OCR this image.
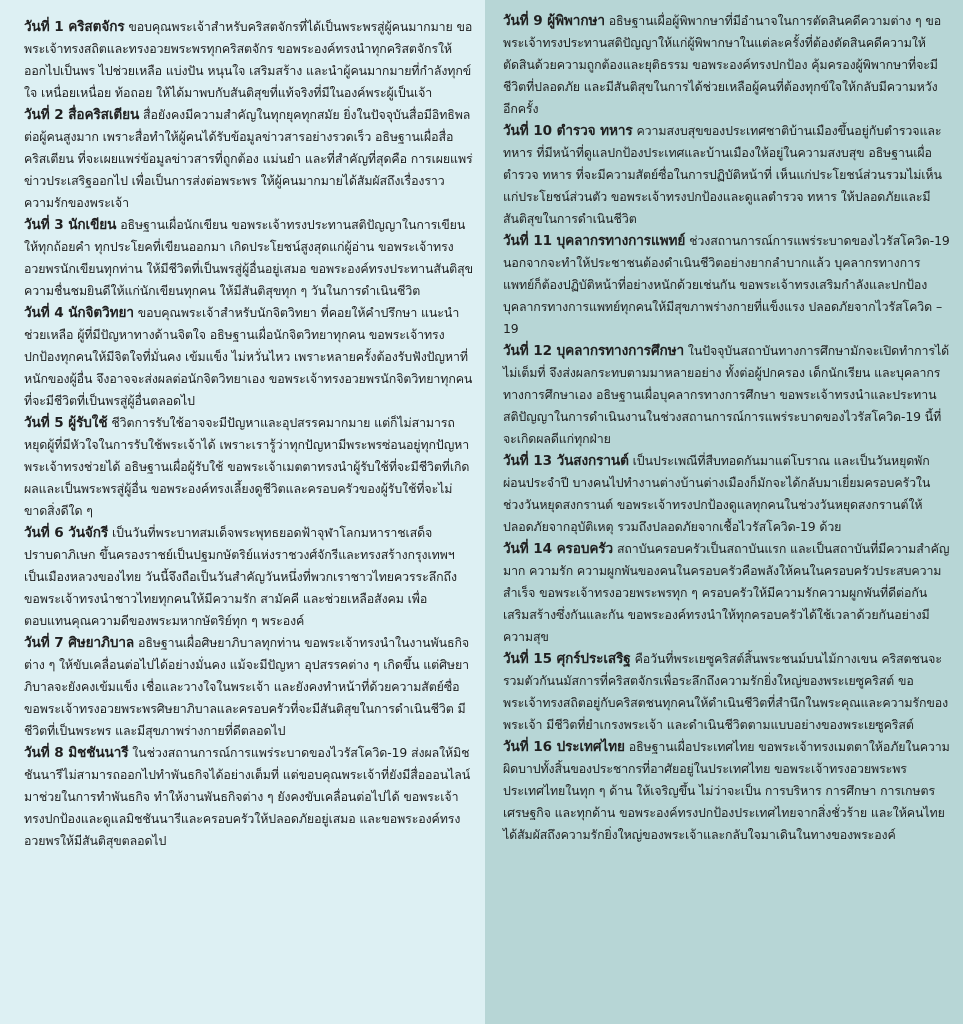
วันที่ 1 คริสตจักร ขอบคุณพระเจ้าสำหรับคริสตจักรที่ได้เป็นพระพรสู่ผู้คนมากมาย ขอพระเจ้าทรงสถิตและทรงอวยพระพรทุกคริสตจักร ขอพระองค์ทรงนำทุกคริสตจักรให้ออกไปเป็นพร ไปช่วยเหลือ แบ่งปัน หนุนใจ เสริมสร้าง และนำผู้คนมากมายที่กำลังทุกข์ใจ เหนื่อยเหนื่อย ท้อถอย ให้ได้มาพบกับสันติสุขที่แท้จริงที่มีในองค์พระผู้เป็นเจ้า

วันที่ 2 สื่อคริสเตียน สื่อยังคงมีความสำคัญในทุกยุคทุกสมัย ยิ่งในปัจจุบันสื่อมีอิทธิพลต่อผู้คนสูงมาก เพราะสื่อทำให้ผู้คนได้รับข้อมูลข่าวสารอย่างรวดเร็ว อธิษฐานเผื่อสื่อคริสเตียน ที่จะเผยแพร่ข้อมูลข่าวสารที่ถูกต้อง แม่นยำ และที่สำคัญที่สุดคือ การเผยแพร่ข่าวประเสริฐออกไป เพื่อเป็นการส่งต่อพระพร ให้ผู้คนมากมายได้สัมผัสถึงเรื่องราวความรักของพระเจ้า

วันที่ 3 นักเขียน อธิษฐานเผื่อนักเขียน ขอพระเจ้าทรงประทานสติปัญญาในการเขียนให้ทุกถ้อยคำ ทุกประโยคที่เขียนออกมา เกิดประโยชน์สูงสุดแก่ผู้อ่าน ขอพระเจ้าทรงอวยพรนักเขียนทุกท่าน ให้มีชีวิตที่เป็นพรสู่ผู้อื่นอยู่เสมอ ขอพระองค์ทรงประทานสันติสุข ความชื่นชมยินดีให้แก่นักเขียนทุกคน ให้มีสันติสุขทุก ๆ วันในการดำเนินชีวิต

วันที่ 4 นักจิตวิทยา ขอบคุณพระเจ้าสำหรับนักจิตวิทยา ที่คอยให้คำปรึกษา แนะนำ ช่วยเหลือ ผู้ที่มีปัญหาทางด้านจิตใจ อธิษฐานเผื่อนักจิตวิทยาทุกคน ขอพระเจ้าทรงปกป้องทุกคนให้มีจิตใจที่มั่นคง เข้มแข็ง ไม่หวั่นไหว เพราะหลายครั้งต้องรับฟังปัญหาที่หนักของผู้อื่น จึงอาจจะส่งผลต่อนักจิตวิทยาเอง ขอพระเจ้าทรงอวยพรนักจิตวิทยาทุกคนที่จะมีชีวิตที่เป็นพรสู่ผู้อื่นตลอดไป

วันที่ 5 ผู้รับใช้ ชีวิตการรับใช้อาจจะมีปัญหาและอุปสรรคมากมาย แต่ก็ไม่สามารถหยุดผู้ที่มีหัวใจในการรับใช้พระเจ้าได้ เพราะเรารู้ว่าทุกปัญหามีพระพรซ่อนอยู่ทุกปัญหาพระเจ้าทรงช่วยได้ อธิษฐานเผื่อผู้รับใช้ ขอพระเจ้าเมตตาทรงนำผู้รับใช้ที่จะมีชีวิตที่เกิดผลและเป็นพระพรสู่ผู้อื่น ขอพระองค์ทรงเลี้ยงดูชีวิตและครอบครัวของผู้รับใช้ที่จะไม่ขาดสิ่งดีใด ๆ

วันที่ 6 วันจักรี เป็นวันที่พระบาทสมเด็จพระพุทธยอดฟ้าจุฬาโลกมหาราชเสด็จปราบดาภิเษก ขึ้นครองราชย์เป็นปฐมกษัตริย์แห่งราชวงศ์จักรีและทรงสร้างกรุงเทพฯ เป็นเมืองหลวงของไทย วันนี้จึงถือเป็นวันสำคัญวันหนึ่งที่พวกเราชาวไทยควรระลึกถึง ขอพระเจ้าทรงนำชาวไทยทุกคนให้มีความรัก สามัคคี และช่วยเหลือสังคม เพื่อตอบแทนคุณความดีของพระมหากษัตริย์ทุก ๆ พระองค์

วันที่ 7 ศิษยาภิบาล อธิษฐานเผื่อศิษยาภิบาลทุกท่าน ขอพระเจ้าทรงนำในงานพันธกิจต่าง ๆ ให้ขับเคลื่อนต่อไปได้อย่างมั่นคง แม้จะมีปัญหา อุปสรรคต่าง ๆ เกิดขึ้น แต่ศิษยาภิบาลจะยังคงเข้มแข็ง เชื่อและวางใจในพระเจ้า และยังคงทำหน้าที่ด้วยความสัตย์ซื่อ ขอพระเจ้าทรงอวยพระพรศิษยาภิบาลและครอบครัวที่จะมีสันติสุขในการดำเนินชีวิต มีชีวิตที่เป็นพระพร และมีสุขภาพร่างกายที่ดีตลอดไป

วันที่ 8 มิชชันนารี ในช่วงสถานการณ์การแพร่ระบาดของไวรัสโควิด-19 ส่งผลให้มิชชันนารีไม่สามารถออกไปทำพันธกิจได้อย่างเต็มที่ แต่ขอบคุณพระเจ้าที่ยังมีสื่อออนไลน์มาช่วยในการทำพันธกิจ ทำให้งานพันธกิจต่าง ๆ ยังคงขับเคลื่อนต่อไปได้ ขอพระเจ้าทรงปกป้องและดูแลมิชชันนารีและครอบครัวให้ปลอดภัยอยู่เสมอ และขอพระองค์ทรงอวยพรให้มีสันติสุขตลอดไป

วันที่ 9 ผู้พิพากษา อธิษฐานเผื่อผู้พิพากษาที่มีอำนาจในการตัดสินคดีความต่าง ๆ ขอพระเจ้าทรงประทานสติปัญญาให้แก่ผู้พิพากษาในแต่ละครั้งที่ต้องตัดสินคดีความให้ตัดสินด้วยความถูกต้องและยุติธรรม ขอพระองค์ทรงปกป้อง คุ้มครองผู้พิพากษาที่จะมีชีวิตที่ปลอดภัย และมีสันติสุขในการได้ช่วยเหลือผู้คนที่ต้องทุกข์ใจให้กลับมีความหวังอีกครั้ง

วันที่ 10 ตำรวจ ทหาร ความสงบสุขของประเทศชาติบ้านเมืองขึ้นอยู่กับตำรวจและทหาร ที่มีหน้าที่ดูแลปกป้องประเทศและบ้านเมืองให้อยู่ในความสงบสุข อธิษฐานเผื่อตำรวจ ทหาร ที่จะมีความสัตย์ซื่อในการปฏิบัติหน้าที่ เห็นแก่ประโยชน์ส่วนรวมไม่เห็นแก่ประโยชน์ส่วนตัว ขอพระเจ้าทรงปกป้องและดูแลตำรวจ ทหาร ให้ปลอดภัยและมีสันติสุขในการดำเนินชีวิต

วันที่ 11 บุคลากรทางการแพทย์ ช่วงสถานการณ์การแพร่ระบาดของไวรัสโควิด-19 นอกจากจะทำให้ประชาชนต้องดำเนินชีวิตอย่างยากลำบากแล้ว บุคลากรทางการแพทย์ก็ต้องปฏิบัติหน้าที่อย่างหนักด้วยเช่นกัน ขอพระเจ้าทรงเสริมกำลังและปกป้องบุคลากรทางการแพทย์ทุกคนให้มีสุขภาพร่างกายที่แข็งแรง ปลอดภัยจากไวรัสโควิด – 19

วันที่ 12 บุคลากรทางการศึกษา ในปัจจุบันสถาบันทางการศึกษามักจะเปิดทำการได้ไม่เต็มที่ จึงส่งผลกระทบตามมาหลายอย่าง ทั้งต่อผู้ปกครอง เด็กนักเรียน และบุคลากรทางการศึกษาเอง อธิษฐานเผื่อบุคลากรทางการศึกษา ขอพระเจ้าทรงนำและประทานสติปัญญาในการดำเนินงานในช่วงสถานการณ์การแพร่ระบาดของไวรัสโควิด-19 นี้ที่จะเกิดผลดีแก่ทุกฝ่าย

วันที่ 13 วันสงกรานต์ เป็นประเพณีที่สืบทอดกันมาแต่โบราณ และเป็นวันหยุดพักผ่อนประจำปี บางคนไปทำงานต่างบ้านต่างเมืองก็มักจะได้กลับมาเยี่ยมครอบครัวในช่วงวันหยุดสงกรานต์ ขอพระเจ้าทรงปกป้องดูแลทุกคนในช่วงวันหยุดสงกรานต์ให้ปลอดภัยจากอุบัติเหตุ รวมถึงปลอดภัยจากเชื้อไวรัสโควิด-19 ด้วย

วันที่ 14 ครอบครัว สถาบันครอบครัวเป็นสถาบันแรก และเป็นสถาบันที่มีความสำคัญมาก ความรัก ความผูกพันของคนในครอบครัวคือพลังให้คนในครอบครัวประสบความสำเร็จ ขอพระเจ้าทรงอวยพระพรทุก ๆ ครอบครัวให้มีความรักความผูกพันที่ดีต่อกัน เสริมสร้างซึ่งกันและกัน ขอพระองค์ทรงนำให้ทุกครอบครัวได้ใช้เวลาด้วยกันอย่างมีความสุข

วันที่ 15 ศุกร์ประเสริฐ คือวันที่พระเยซูคริสต์สิ้นพระชนม์บนไม้กางเขน คริสตชนจะรวมตัวกันนมัสการที่คริสตจักรเพื่อระลึกถึงความรักยิ่งใหญ่ของพระเยซูคริสต์ ขอพระเจ้าทรงสถิตอยู่กับคริสตชนทุกคนให้ดำเนินชีวิตที่สำนึกในพระคุณและความรักของพระเจ้า มีชีวิตที่ยำเกรงพระเจ้า และดำเนินชีวิตตามแบบอย่างของพระเยซูคริสต์

วันที่ 16 ประเทศไทย อธิษฐานเผื่อประเทศไทย ขอพระเจ้าทรงเมตตาให้อภัยในความผิดบาปทั้งสิ้นของประชากรที่อาศัยอยู่ในประเทศไทย ขอพระเจ้าทรงอวยพระพรประเทศไทยในทุก ๆ ด้าน ให้เจริญขึ้น ไม่ว่าจะเป็น การบริหาร การศึกษา การเกษตร เศรษฐกิจ และทุกด้าน ขอพระองค์ทรงปกป้องประเทศไทยจากสิ่งชั่วร้าย และให้คนไทยได้สัมผัสถึงความรักยิ่งใหญ่ของพระเจ้าและกลับใจมาเดินในทางของพระองค์
